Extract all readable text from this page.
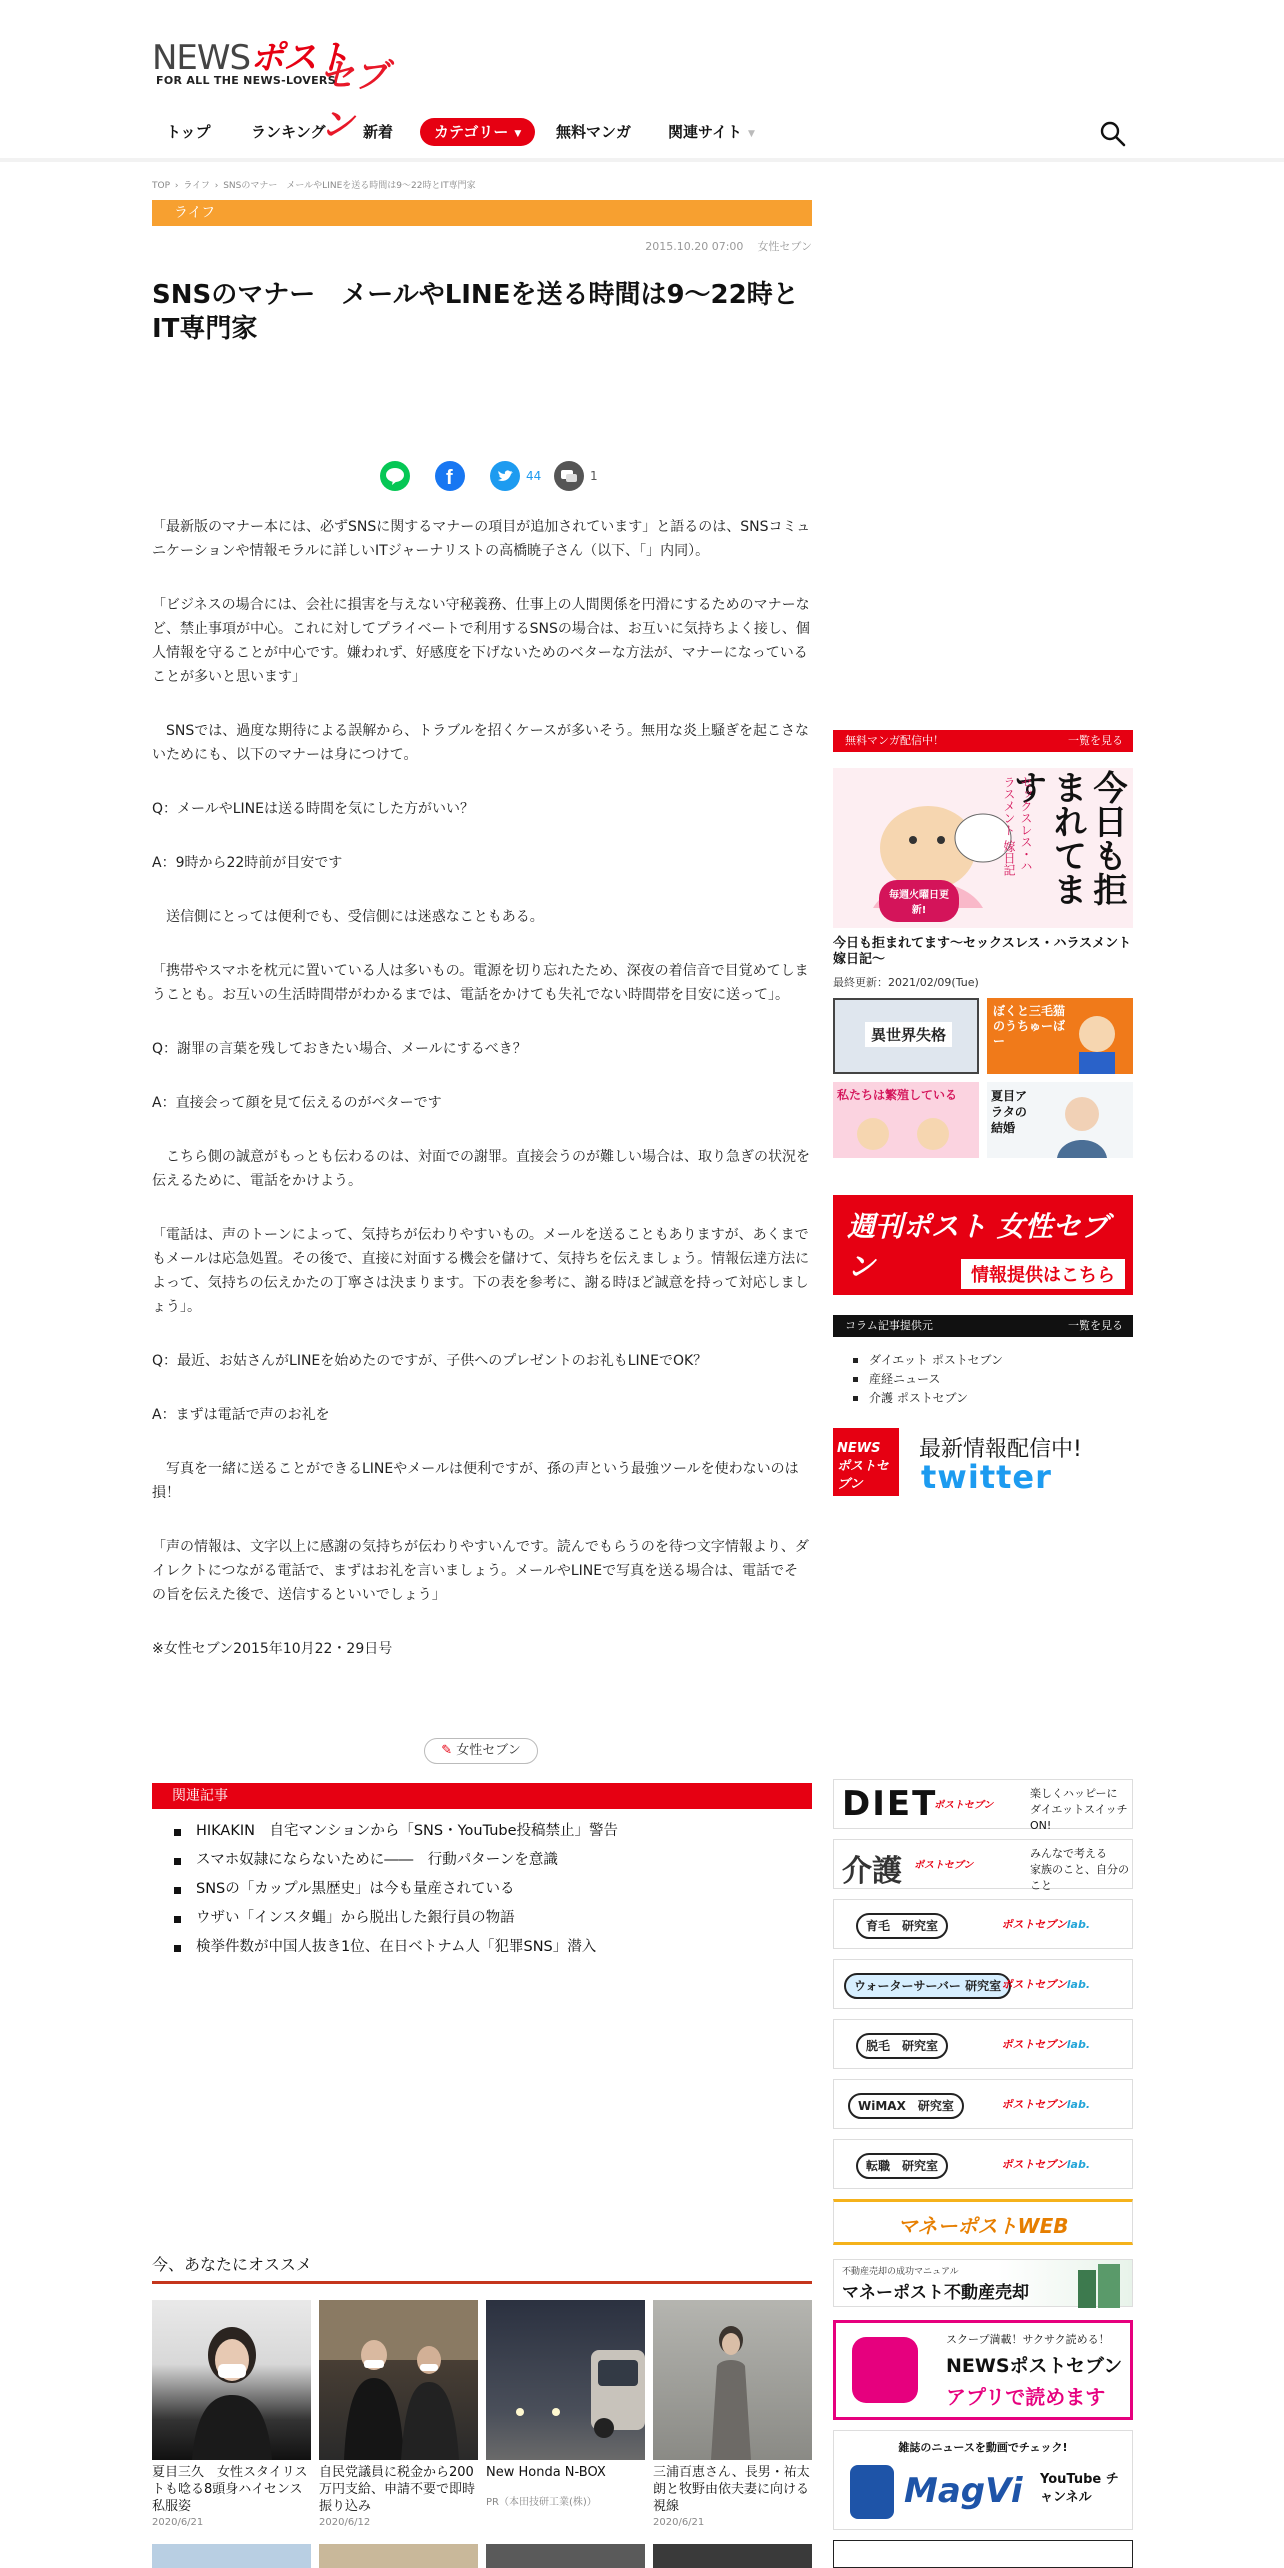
NEWSポスト
セブン
FOR ALL THE NEWS-LOVERS
トップ	ランキング 新着	カテゴリー ▼	無料マンガ 関連サイト ▼
TOP › ライフ › SNSのマナー　メールやLINEを送る時間は9～22時とIT専門家
ライフ
2015.10.20 07:00 女性セブン
SNSのマナー　メールやLINEを送る時間は9～22時とIT専門家
f	44	1

「最新版のマナー本には、必ずSNSに関するマナーの項目が追加されています」と語るのは、SNSコミュニケーションや情報モラルに詳しいITジャーナリストの高橋暁子さん（以下、「」内同）。

「ビジネスの場合には、会社に損害を与えない守秘義務、仕事上の人間関係を円滑にするためのマナーなど、禁止事項が中心。これに対してプライベートで利用するSNSの場合は、お互いに気持ちよく接し、個人情報を守ることが中心です。嫌われず、好感度を下げないためのベターな方法が、マナーになっていることが多いと思います」

　SNSでは、過度な期待による誤解から、トラブルを招くケースが多いそう。無用な炎上騒ぎを起こさないためにも、以下のマナーは身につけて。

Q：メールやLINEは送る時間を気にした方がいい？

A：9時から22時前が目安です

　送信側にとっては便利でも、受信側には迷惑なこともある。

「携帯やスマホを枕元に置いている人は多いもの。電源を切り忘れたため、深夜の着信音で目覚めてしまうことも。お互いの生活時間帯がわかるまでは、電話をかけても失礼でない時間帯を目安に送って」。

Q：謝罪の言葉を残しておきたい場合、メールにするべき？

A：直接会って顔を見て伝えるのがベターです

　こちら側の誠意がもっとも伝わるのは、対面での謝罪。直接会うのが難しい場合は、取り急ぎの状況を伝えるために、電話をかけよう。

「電話は、声のトーンによって、気持ちが伝わりやすいもの。メールを送ることもありますが、あくまでもメールは応急処置。その後で、直接に対面する機会を儲けて、気持ちを伝えましょう。情報伝達方法によって、気持ちの伝えかたの丁寧さは決まります。下の表を参考に、謝る時ほど誠意を持って対応しましょう」。

Q：最近、お姑さんがLINEを始めたのですが、子供へのプレゼントのお礼もLINEでOK？

A：まずは電話で声のお礼を

　写真を一緒に送ることができるLINEやメールは便利ですが、孫の声という最強ツールを使わないのは損！

「声の情報は、文字以上に感謝の気持ちが伝わりやすいんです。読んでもらうのを待つ文字情報より、ダイレクトにつながる電話で、まずはお礼を言いましょう。メールやLINEで写真を送る場合は、電話でその旨を伝えた後で、送信するといいでしょう」

※女性セブン2015年10月22・29日号

✎ 女性セブン
関連記事
HIKAKIN　自宅マンションから「SNS・YouTube投稿禁止」警告
スマホ奴隷にならないために――　行動パターンを意識
SNSの「カップル黒歴史」は今も量産されている
ウザい「インスタ蝿」から脱出した銀行員の物語
検挙件数が中国人抜き1位、在日ベトナム人「犯罪SNS」潜入
今、あなたにオススメ
夏目三久　女性スタイリストも唸る8頭身ハイセンス私服姿
2020/6/21
自民党議員に税金から200万円支給、申請不要で即時振り込み
2020/6/12
New Honda N-BOX
PR（本田技研工業(株)）
三浦百恵さん、長男・祐太朗と牧野由依夫妻に向ける視線
2020/6/21
無料マンガ配信中！	一覧を見る
今日も拒まれてます
セックスレス・ハラスメント 嫁日記
毎週火曜日更新!
今日も拒まれてます～セックスレス・ハラスメント 嫁日記～
最終更新：2021/02/09(Tue)
異世界失格
ぼくと三毛猫のうちゅーばー
私たちは繁殖している	夏目アラタの結婚
週刊ポスト 女性セブン	情報提供はこちら
コラム記事提供元	一覧を見る
ダイエット ポストセブン
産経ニュース
介護 ポストセブン
NEWS ポストセブン
最新情報配信中!
twitter
DIET
ポストセブン
楽しくハッピーに
ダイエットスイッチON!
介護 ポストセブン
みんなで考える
家族のこと、自分のこと
育毛　研究室	ポストセブンlab.
ウォーターサーバー 研究室 ポストセブンlab.
脱毛　研究室	ポストセブンlab.
WiMAX　研究室	ポストセブンlab.
転職　研究室	ポストセブンlab.
マネーポストWEB
不動産売却の成功マニュアル
マネーポスト不動産売却
スクープ満載！サクサク読める！
NEWSポストセブン
アプリで読めます
雑誌のニュースを動画でチェック!
MagVi YouTube チャンネル
